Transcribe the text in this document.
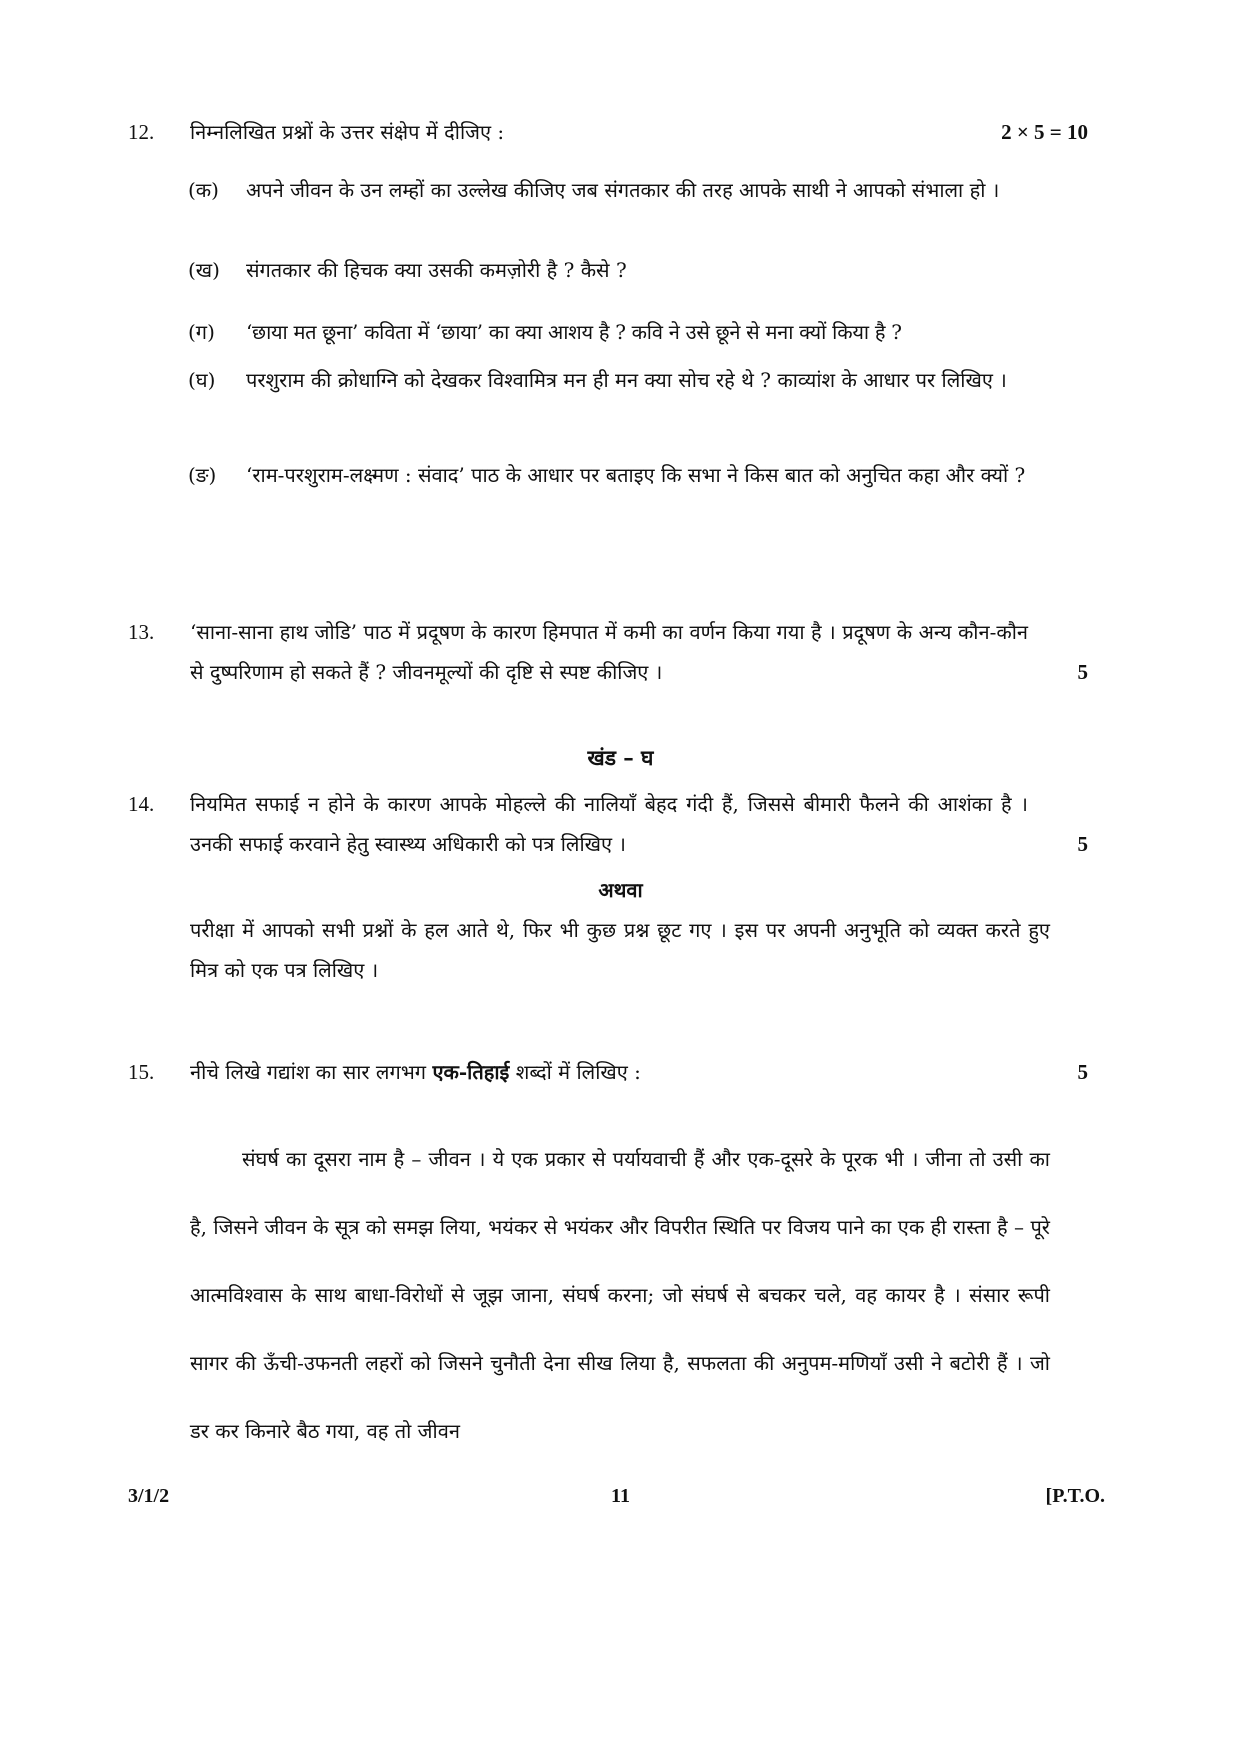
12. निम्नलिखित प्रश्नों के उत्तर संक्षेप में दीजिए :	2 × 5 = 10
(क) अपने जीवन के उन लम्हों का उल्लेख कीजिए जब संगतकार की तरह आपके साथी ने आपको संभाला हो ।
(ख) संगतकार की हिचक क्या उसकी कमज़ोरी है ? कैसे ?
(ग) ‘छाया मत छूना’ कविता में ‘छाया’ का क्या आशय है ? कवि ने उसे छूने से मना क्यों किया है ?
(घ) परशुराम की क्रोधाग्नि को देखकर विश्वामित्र मन ही मन क्या सोच रहे थे ? काव्यांश के आधार पर लिखिए ।
(ङ) ‘राम-परशुराम-लक्ष्मण : संवाद’ पाठ के आधार पर बताइए कि सभा ने किस बात को अनुचित कहा और क्यों ?
13. ‘साना-साना हाथ जोडि’ पाठ में प्रदूषण के कारण हिमपात में कमी का वर्णन किया गया है । प्रदूषण के अन्य कौन-कौन से दुष्परिणाम हो सकते हैं ? जीवनमूल्यों की दृष्टि से स्पष्ट कीजिए ।	5
खंड – घ
14. नियमित सफाई न होने के कारण आपके मोहल्ले की नालियाँ बेहद गंदी हैं, जिससे बीमारी फैलने की आशंका है । उनकी सफाई करवाने हेतु स्वास्थ्य अधिकारी को पत्र लिखिए ।	5
अथवा
परीक्षा में आपको सभी प्रश्नों के हल आते थे, फिर भी कुछ प्रश्न छूट गए । इस पर अपनी अनुभूति को व्यक्त करते हुए मित्र को एक पत्र लिखिए ।
15. नीचे लिखे गद्यांश का सार लगभग एक-तिहाई शब्दों में लिखिए :	5
संघर्ष का दूसरा नाम है – जीवन । ये एक प्रकार से पर्यायवाची हैं और एक-दूसरे के पूरक भी । जीना तो उसी का है, जिसने जीवन के सूत्र को समझ लिया, भयंकर से भयंकर और विपरीत स्थिति पर विजय पाने का एक ही रास्ता है – पूरे आत्मविश्वास के साथ बाधा-विरोधों से जूझ जाना, संघर्ष करना; जो संघर्ष से बचकर चले, वह कायर है । संसार रूपी सागर की ऊँची-उफनती लहरों को जिसने चुनौती देना सीख लिया है, सफलता की अनुपम-मणियाँ उसी ने बटोरी हैं । जो डर कर किनारे बैठ गया, वह तो जीवन
3/1/2	11	[P.T.O.
